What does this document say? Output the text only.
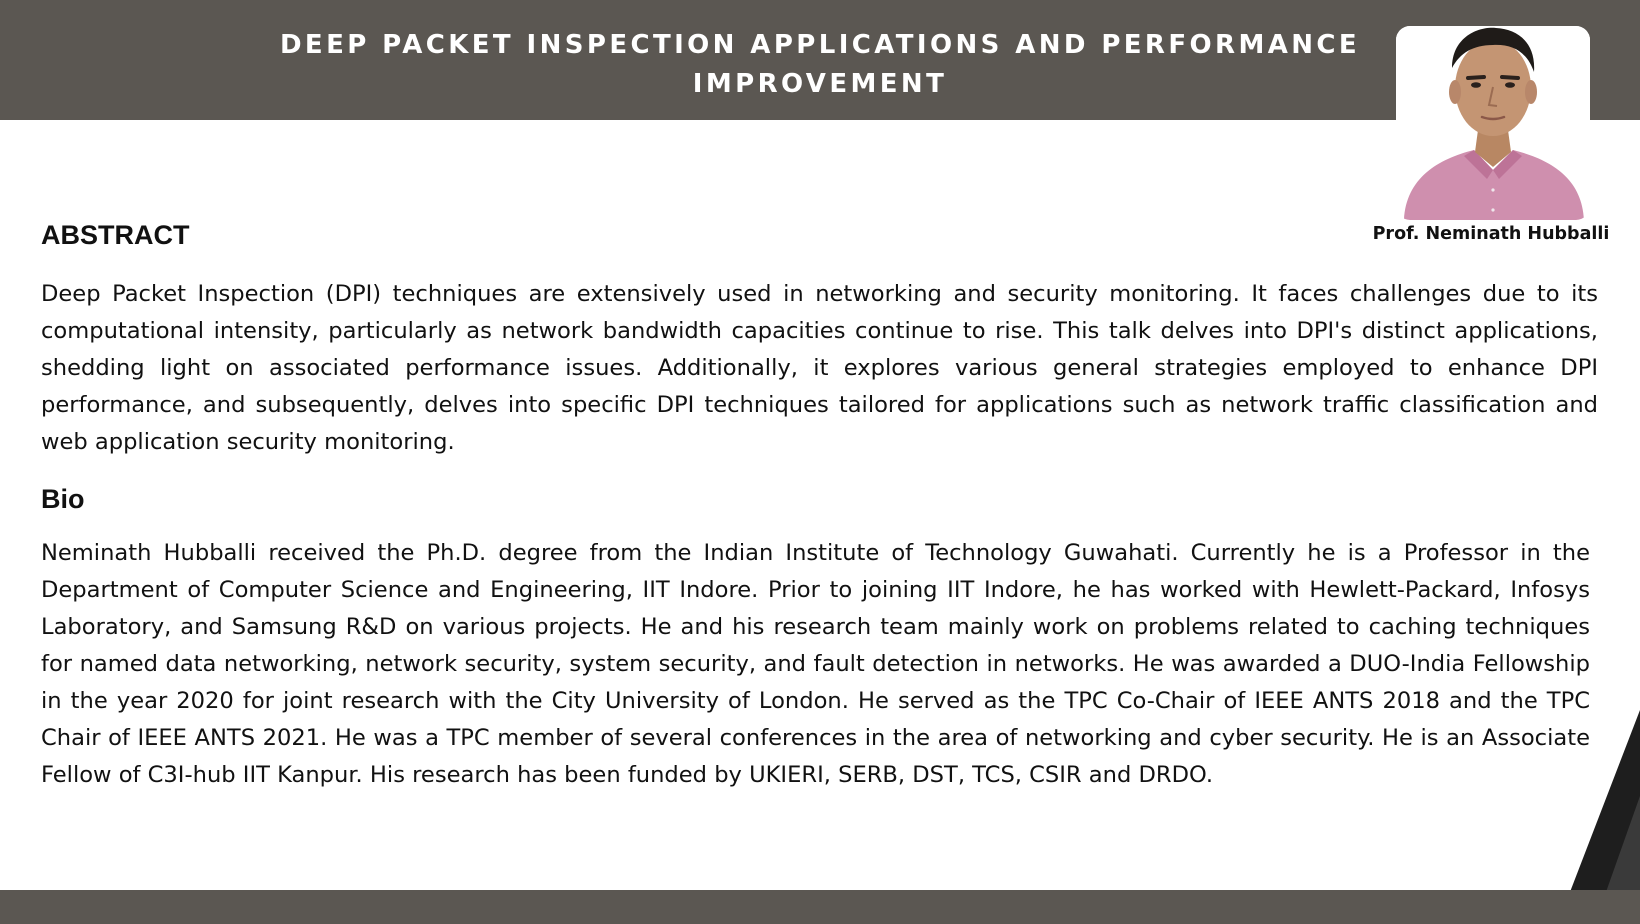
DEEP PACKET INSPECTION APPLICATIONS AND PERFORMANCE IMPROVEMENT
Prof. Neminath Hubballi
ABSTRACT

Deep Packet Inspection (DPI) techniques are extensively used in networking and security monitoring. It faces challenges due to its computational intensity, particularly as network bandwidth capacities continue to rise. This talk delves into DPI's distinct applications, shedding light on associated performance issues. Additionally, it explores various general strategies employed to enhance DPI performance, and subsequently, delves into specific DPI techniques tailored for applications such as network traffic classification and web application security monitoring.

Bio

Neminath Hubballi received the Ph.D. degree from the Indian Institute of Technology Guwahati. Currently he is a Professor in the Department of Computer Science and Engineering, IIT Indore. Prior to joining IIT Indore, he has worked with Hewlett-Packard, Infosys Laboratory, and Samsung R&D on various projects. He and his research team mainly work on problems related to caching techniques for named data networking, network security, system security, and fault detection in networks. He was awarded a DUO-India Fellowship in the year 2020 for joint research with the City University of London. He served as the TPC Co-Chair of IEEE ANTS 2018 and the TPC Chair of IEEE ANTS 2021. He was a TPC member of several conferences in the area of networking and cyber security. He is an Associate Fellow of C3I-hub IIT Kanpur. His research has been funded by UKIERI, SERB, DST, TCS, CSIR and DRDO.
